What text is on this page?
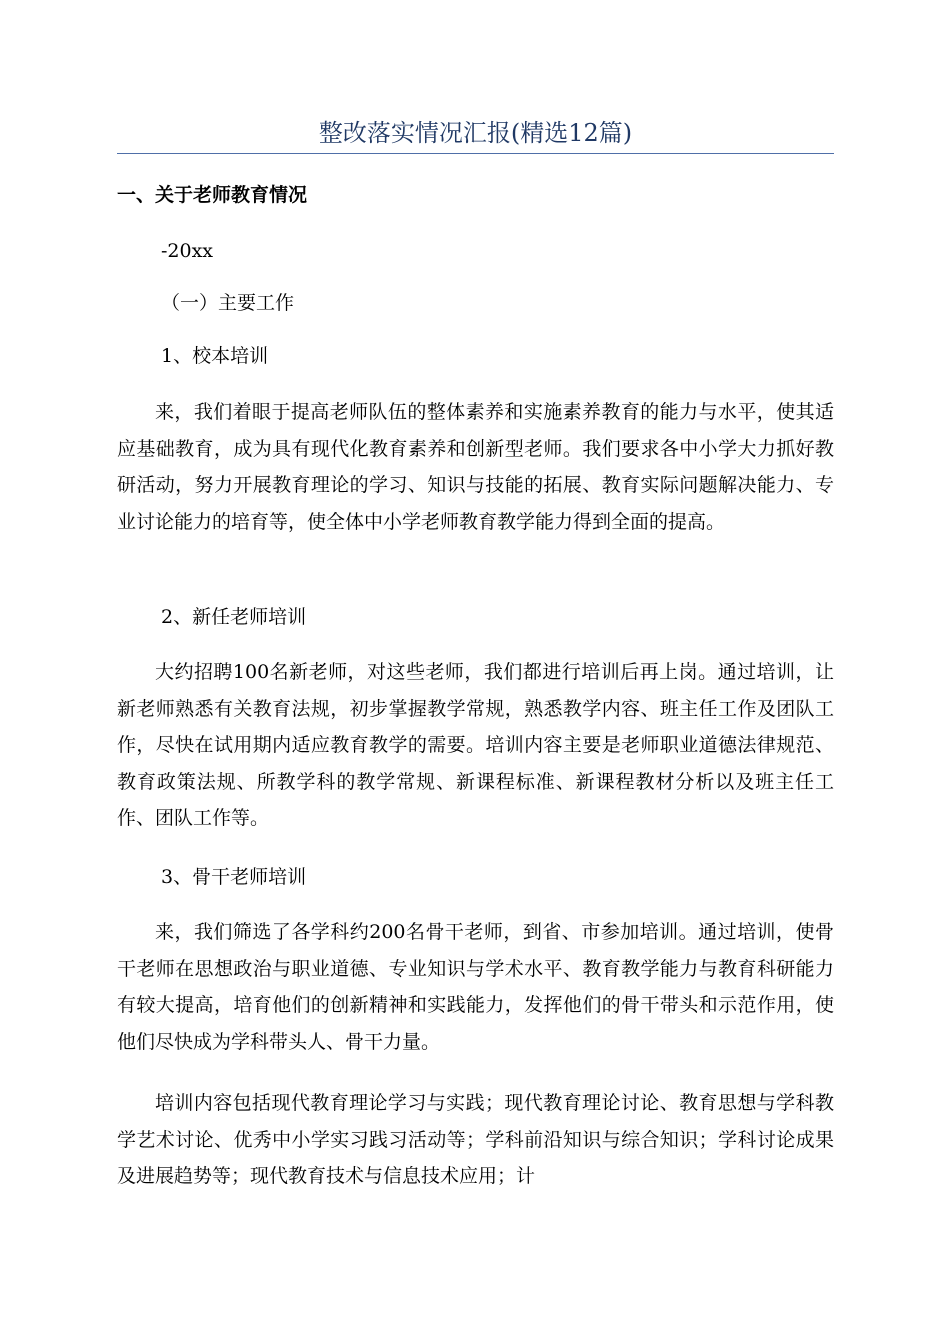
整改落实情况汇报(精选12篇)
一、关于老师教育情况
-20xx
（一）主要工作
1、校本培训

来，我们着眼于提高老师队伍的整体素养和实施素养教育的能力与水平，使其适应基础教育，成为具有现代化教育素养和创新型老师。我们要求各中小学大力抓好教研活动，努力开展教育理论的学习、知识与技能的拓展、教育实际问题解决能力、专业讨论能力的培育等，使全体中小学老师教育教学能力得到全面的提高。

2、新任老师培训

大约招聘100名新老师，对这些老师，我们都进行培训后再上岗。通过培训，让新老师熟悉有关教育法规，初步掌握教学常规，熟悉教学内容、班主任工作及团队工作，尽快在试用期内适应教育教学的需要。培训内容主要是老师职业道德法律规范、教育政策法规、所教学科的教学常规、新课程标准、新课程教材分析以及班主任工作、团队工作等。

3、骨干老师培训

来，我们筛选了各学科约200名骨干老师，到省、市参加培训。通过培训，使骨干老师在思想政治与职业道德、专业知识与学术水平、教育教学能力与教育科研能力有较大提高，培育他们的创新精神和实践能力，发挥他们的骨干带头和示范作用，使他们尽快成为学科带头人、骨干力量。

培训内容包括现代教育理论学习与实践；现代教育理论讨论、教育思想与学科教学艺术讨论、优秀中小学实习践习活动等；学科前沿知识与综合知识；学科讨论成果及进展趋势等；现代教育技术与信息技术应用；计
